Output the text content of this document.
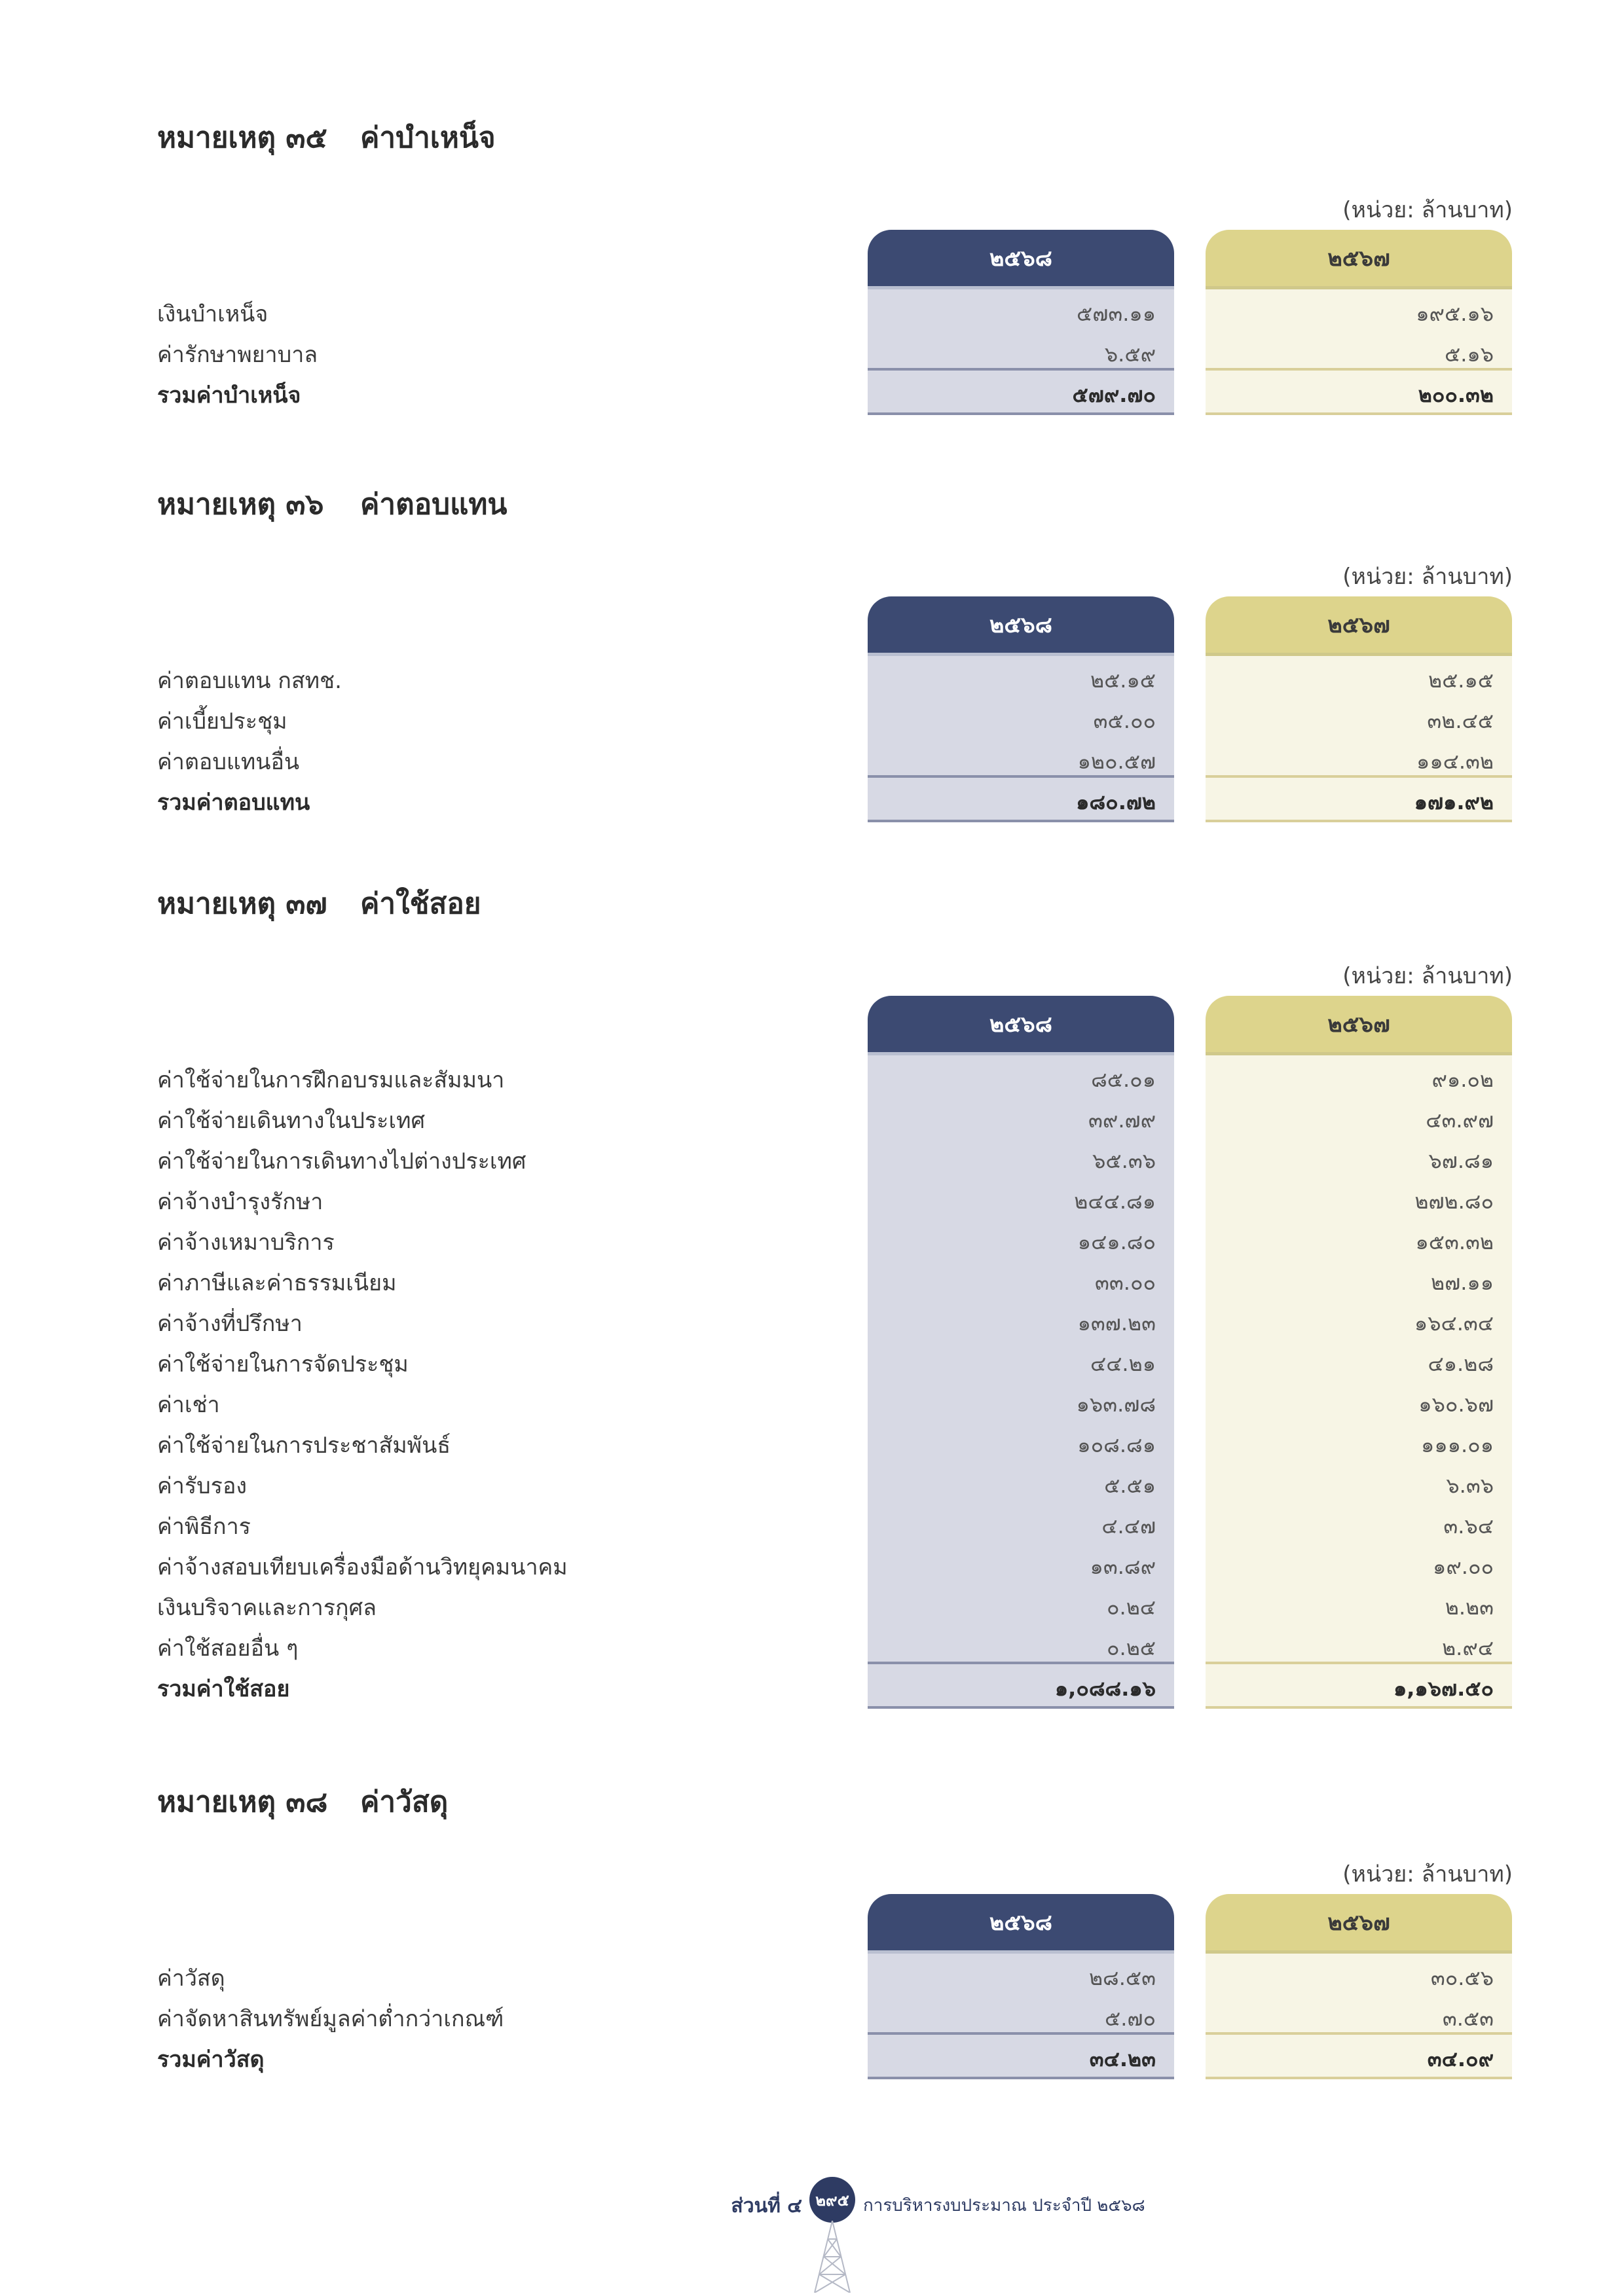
หมายเหตุ ๓๕ ค่าบำเหน็จ
(หน่วย: ล้านบาท)
๒๕๖๘	๒๕๖๗
เงินบำเหน็จ	๕๗๓.๑๑	๑๙๕.๑๖
ค่ารักษาพยาบาล	๖.๕๙	๕.๑๖
รวมค่าบำเหน็จ	๕๗๙.๗๐	๒๐๐.๓๒
หมายเหตุ ๓๖ ค่าตอบแทน
(หน่วย: ล้านบาท)
๒๕๖๘	๒๕๖๗
ค่าตอบแทน กสทช.	๒๕.๑๕	๒๕.๑๕
ค่าเบี้ยประชุม	๓๕.๐๐	๓๒.๔๕
ค่าตอบแทนอื่น	๑๒๐.๕๗	๑๑๔.๓๒
รวมค่าตอบแทน	๑๘๐.๗๒	๑๗๑.๙๒
หมายเหตุ ๓๗ ค่าใช้สอย
(หน่วย: ล้านบาท)
๒๕๖๘	๒๕๖๗
ค่าใช้จ่ายในการฝึกอบรมและสัมมนา	๘๕.๐๑	๙๑.๐๒
ค่าใช้จ่ายเดินทางในประเทศ	๓๙.๗๙	๔๓.๙๗
ค่าใช้จ่ายในการเดินทางไปต่างประเทศ	๖๕.๓๖	๖๗.๘๑
ค่าจ้างบำรุงรักษา	๒๔๔.๘๑	๒๗๒.๘๐
ค่าจ้างเหมาบริการ	๑๔๑.๘๐	๑๕๓.๓๒
ค่าภาษีและค่าธรรมเนียม	๓๓.๐๐	๒๗.๑๑
ค่าจ้างที่ปรึกษา	๑๓๗.๒๓	๑๖๔.๓๔
ค่าใช้จ่ายในการจัดประชุม	๔๔.๒๑	๔๑.๒๘
ค่าเช่า	๑๖๓.๗๘	๑๖๐.๖๗
ค่าใช้จ่ายในการประชาสัมพันธ์	๑๐๘.๘๑	๑๑๑.๐๑
ค่ารับรอง	๕.๕๑	๖.๓๖
ค่าพิธีการ	๔.๔๗	๓.๖๔
ค่าจ้างสอบเทียบเครื่องมือด้านวิทยุคมนาคม	๑๓.๘๙	๑๙.๐๐
เงินบริจาคและการกุศล	๐.๒๔	๒.๒๓
ค่าใช้สอยอื่น ๆ	๐.๒๕	๒.๙๔
รวมค่าใช้สอย	๑,๐๘๘.๑๖	๑,๑๖๗.๕๐
หมายเหตุ ๓๘ ค่าวัสดุ
(หน่วย: ล้านบาท)
๒๕๖๘	๒๕๖๗
ค่าวัสดุ	๒๘.๕๓	๓๐.๕๖
ค่าจัดหาสินทรัพย์มูลค่าต่ำกว่าเกณฑ์	๕.๗๐	๓.๕๓
รวมค่าวัสดุ	๓๔.๒๓	๓๔.๐๙
ส่วนที่ ๔ ๒๙๕ การบริหารงบประมาณ ประจำปี ๒๕๖๘
